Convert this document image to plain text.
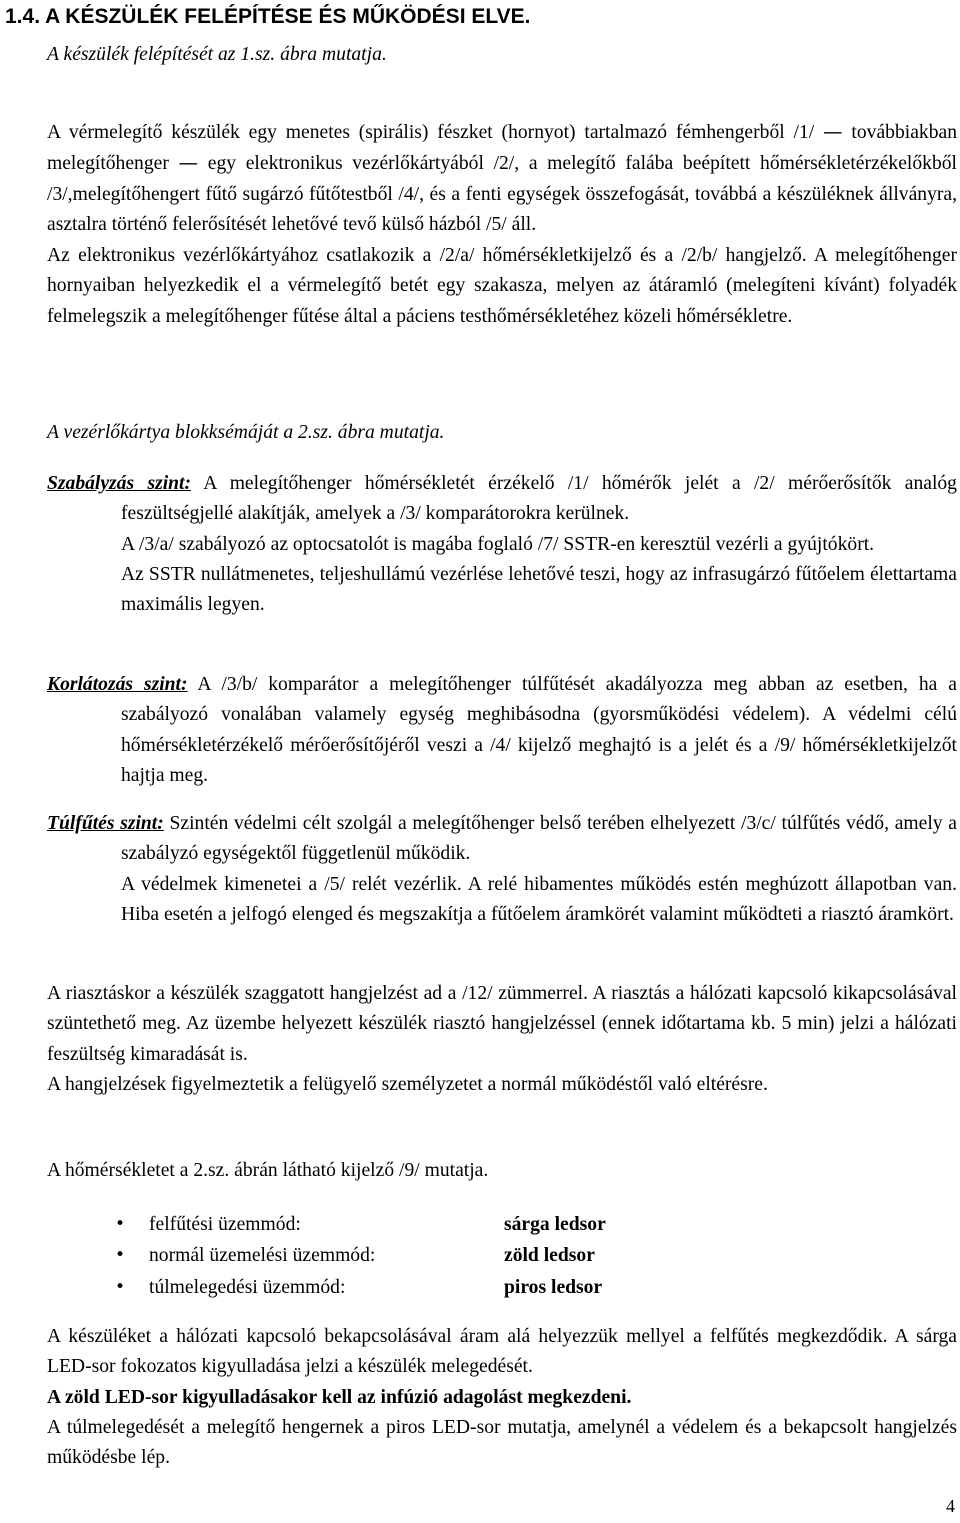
1.4. A KÉSZÜLÉK FELÉPÍTÉSE ÉS MŰKÖDÉSI ELVE.

A készülék felépítését az 1.sz. ábra mutatja.

A vérmelegítő készülék egy menetes (spirális) fészket (hornyot) tartalmazó fémhengerből /1/ — továbbiakban melegítőhenger — egy elektronikus vezérlőkártyából /2/, a melegítő falába beépített hőmérsékletérzékelőkből /3/,melegítőhengert fűtő sugárzó fűtőtestből /4/, és a fenti egységek összefogását, továbbá a készüléknek állványra, asztalra történő felerősítését lehetővé tevő külső házból /5/ áll.

Az elektronikus vezérlőkártyához csatlakozik a /2/a/ hőmérsékletkijelző és a /2/b/ hangjelző. A melegítőhenger hornyaiban helyezkedik el a vérmelegítő betét egy szakasza, melyen az átáramló (melegíteni kívánt) folyadék felmelegszik a melegítőhenger fűtése által a páciens testhőmérsékletéhez közeli hőmérsékletre.

A vezérlőkártya blokksémáját a 2.sz. ábra mutatja.

Szabályzás szint: A melegítőhenger hőmérsékletét érzékelő /1/ hőmérők jelét a /2/ mérőerősítők analóg feszültségjellé alakítják, amelyek a /3/ komparátorokra kerülnek.
A /3/a/ szabályozó az optocsatolót is magába foglaló /7/ SSTR-en keresztül vezérli a gyújtókört.
Az SSTR nullátmenetes, teljeshullámú vezérlése lehetővé teszi, hogy az infrasugárzó fűtőelem élettartama maximális legyen.
Korlátozás szint: A /3/b/ komparátor a melegítőhenger túlfűtését akadályozza meg abban az esetben, ha a szabályozó vonalában valamely egység meghibásodna (gyorsműködési védelem). A védelmi célú hőmérsékletérzékelő mérőerősítőjéről veszi a /4/ kijelző meghajtó is a jelét és a /9/ hőmérsékletkijelzőt hajtja meg.
Túlfűtés szint: Szintén védelmi célt szolgál a melegítőhenger belső terében elhelyezett /3/c/ túlfűtés védő, amely a szabályzó egységektől függetlenül működik.
A védelmek kimenetei a /5/ relét vezérlik. A relé hibamentes működés estén meghúzott állapotban van. Hiba esetén a jelfogó elenged és megszakítja a fűtőelem áramkörét valamint működteti a riasztó áramkört.

A riasztáskor a készülék szaggatott hangjelzést ad a /12/ zümmerrel. A riasztás a hálózati kapcsoló kikapcsolásával szüntethető meg. Az üzembe helyezett készülék riasztó hangjelzéssel (ennek időtartama kb. 5 min) jelzi a hálózati feszültség kimaradását is.

A hangjelzések figyelmeztetik a felügyelő személyzetet a normál működéstől való eltérésre.

A hőmérsékletet a 2.sz. ábrán látható kijelző /9/ mutatja.

• felfűtési üzemmód:	sárga ledsor
• normál üzemelési üzemmód:	zöld ledsor
• túlmelegedési üzemmód:	piros ledsor

A készüléket a hálózati kapcsoló bekapcsolásával áram alá helyezzük mellyel a felfűtés megkezdődik. A sárga LED-sor fokozatos kigyulladása jelzi a készülék melegedését.

A zöld LED-sor kigyulladásakor kell az infúzió adagolást megkezdeni.

A túlmelegedését a melegítő hengernek a piros LED-sor mutatja, amelynél a védelem és a bekapcsolt hangjelzés működésbe lép.

4
